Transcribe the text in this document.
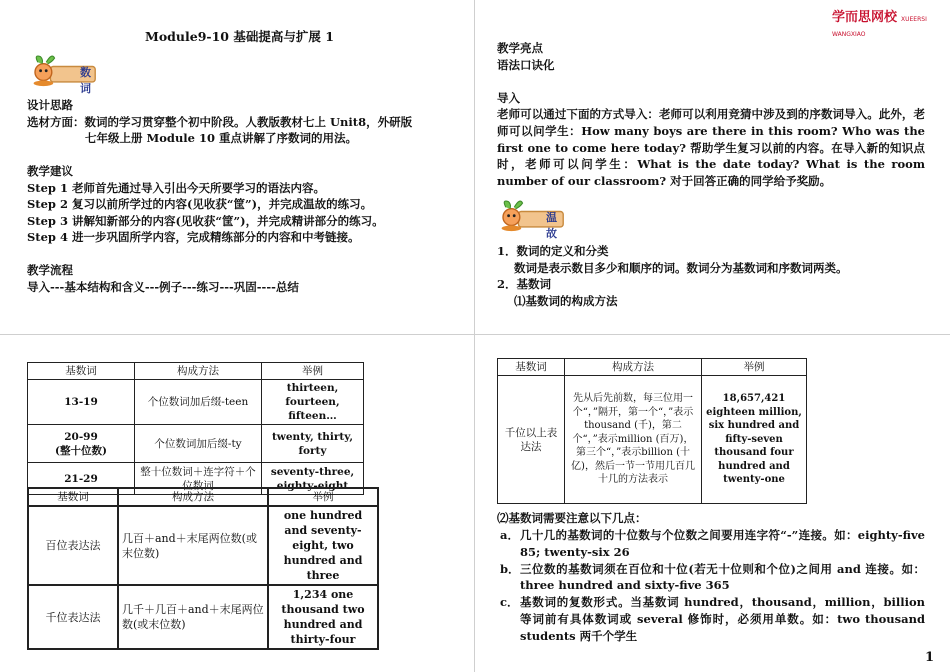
学而思网校 XUEERSI WANGXIAO
Module9-10 基础提高与扩展 1
数词
设计思路
选材方面：数词的学习贯穿整个初中阶段。人教版教材七上 Unit8，外研版
七年级上册 Module 10 重点讲解了序数词的用法。
教学建议
Step 1 老师首先通过导入引出今天所要学习的语法内容。
Step 2 复习以前所学过的内容(见收获“筐”)，并完成温故的练习。
Step 3 讲解知新部分的内容(见收获“筐”)，并完成精讲部分的练习。
Step 4 进一步巩固所学内容，完成精练部分的内容和中考链接。
教学流程
导入---基本结构和含义---例子---练习---巩固----总结
教学亮点
语法口诀化
导入
老师可以通过下面的方式导入：老师可以利用竞猜中涉及到的序数词导入。此外，老师可以问学生：How many boys are there in this room? Who was the first one to come here today? 帮助学生复习以前的内容。在导入新的知识点时，老师可以问学生：What is the date today? What is the room number of our classroom? 对于回答正确的同学给予奖励。
温故
1．数词的定义和分类
数词是表示数目多少和顺序的词。数词分为基数词和序数词两类。
2．基数词
⑴基数词的构成方法
基数词	构成方法	举例
13-19	个位数词加后缀-teen	thirteen, fourteen, fifteen…
20-99
(整十位数)	个位数词加后缀-ty	twenty, thirty, forty
21-29	整十位数词＋连字符＋个位数词	seventy-three, eighty-eight
基数词	构成方法	举例
百位表达法	几百＋and＋末尾两位数(或末位数)	one hundred and seventy-eight, two hundred and three
千位表达法	几千＋几百＋and＋末尾两位数(或末位数)	1,234 one thousand two hundred and thirty-four
基数词	构成方法	举例
千位以上表达法	先从后先前数，每三位用一个“，”隔开，第一个“，”表示thousand (千)，第二个“，”表示million (百万)，第三个“，”表示billion (十亿)，然后一节一节用几百几十几的方法表示	18,657,421 eighteen million, six hundred and fifty-seven thousand four hundred and twenty-one
⑵基数词需要注意以下几点：
a． 几十几的基数词的十位数与个位数之间要用连字符“-”连接。如：eighty-five 85; twenty-six 26
b． 三位数的基数词须在百位和十位(若无十位则和个位)之间用 and 连接。如：three hundred and sixty-five 365
c． 基数词的复数形式。当基数词 hundred，thousand，million，billion 等词前有具体数词或 several 修饰时，必须用单数。如：two thousand students 两千个学生
1
